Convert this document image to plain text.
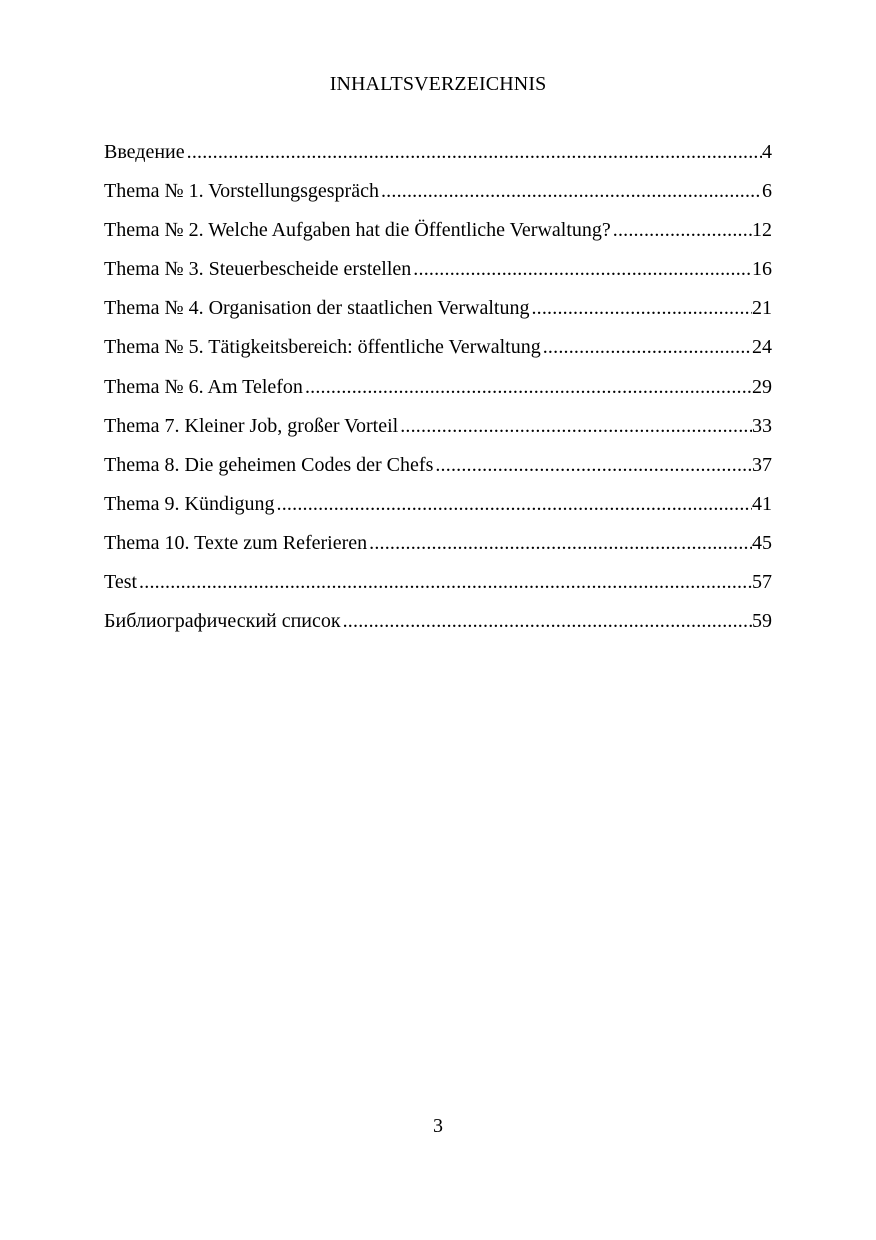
INHALTSVERZEICHNIS
Введение .....	4
Thema № 1. Vorstellungsgespräch .....	6
Thema № 2. Welche Aufgaben hat die Öffentliche Verwaltung? .....	12
Thema № 3. Steuerbescheide erstellen .....	16
Thema № 4. Organisation der staatlichen Verwaltung .....	21
Thema № 5. Tätigkeitsbereich: öffentliche Verwaltung .....	24
Thema № 6. Am Telefon .....	29
Thema 7. Kleiner Job, großer Vorteil .....	33
Thema 8. Die geheimen Codes der Chefs .....	37
Thema 9. Kündigung .....	41
Thema 10. Texte zum Referieren .....	45
Test .....	57
Библиографический список .....	59
3
